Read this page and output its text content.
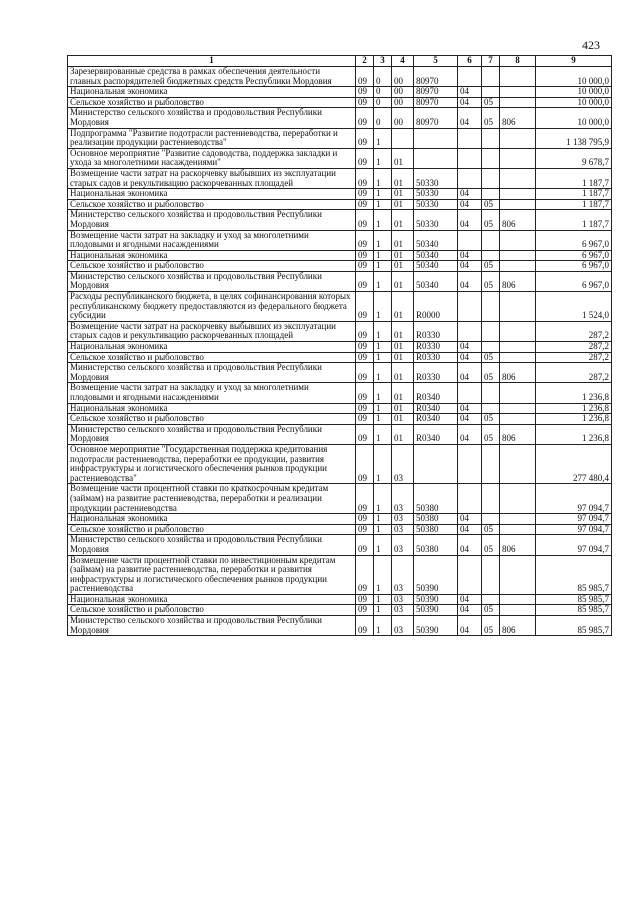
423
1	2	3	4	5	6	7	8	9
Зарезервированные средства в рамках обеспечения деятельности главных распорядителей бюджетных средств Республики Мордовия	09	0	00	80970				10 000,0
Национальная экономика	09	0	00	80970	04			10 000,0
Сельское хозяйство и рыболовство	09	0	00	80970	04	05		10 000,0
Министерство сельского хозяйства и продовольствия Республики Мордовия	09	0	00	80970	04	05	806	10 000,0
Подпрограмма "Развитие подотрасли растениеводства, переработки и реализации продукции растениеводства"	09	1						1 138 795,9
Основное мероприятие "Развитие садоводства, поддержка закладки и ухода за многолетними насаждениями"	09	1	01					9 678,7
Возмещение части затрат на раскорчевку выбывших из эксплуатации старых садов и рекультивацию раскорчеванных площадей	09	1	01	50330				1 187,7
Национальная экономика	09	1	01	50330	04			1 187,7
Сельское хозяйство и рыболовство	09	1	01	50330	04	05		1 187,7
Министерство сельского хозяйства и продовольствия Республики Мордовия	09	1	01	50330	04	05	806	1 187,7
Возмещение части затрат на закладку и уход за многолетними плодовыми и ягодными насаждениями	09	1	01	50340				6 967,0
Национальная экономика	09	1	01	50340	04			6 967,0
Сельское хозяйство и рыболовство	09	1	01	50340	04	05		6 967,0
Министерство сельского хозяйства и продовольствия Республики Мордовия	09	1	01	50340	04	05	806	6 967,0
Расходы республиканского бюджета, в целях софинансирования которых республиканскому бюджету предоставляются из федерального бюджета субсидии	09	1	01	R0000				1 524,0
Возмещение части затрат на раскорчевку выбывших из эксплуатации старых садов и рекультивацию раскорчеванных площадей	09	1	01	R0330				287,2
Национальная экономика	09	1	01	R0330	04			287,2
Сельское хозяйство и рыболовство	09	1	01	R0330	04	05		287,2
Министерство сельского хозяйства и продовольствия Республики Мордовия	09	1	01	R0330	04	05	806	287,2
Возмещение части затрат на закладку и уход за многолетними плодовыми и ягодными насаждениями	09	1	01	R0340				1 236,8
Национальная экономика	09	1	01	R0340	04			1 236,8
Сельское хозяйство и рыболовство	09	1	01	R0340	04	05		1 236,8
Министерство сельского хозяйства и продовольствия Республики Мордовия	09	1	01	R0340	04	05	806	1 236,8
Основное мероприятие "Государственная поддержка кредитования подотрасли растениеводства, переработки ее продукции, развития инфраструктуры и логистического обеспечения рынков продукции растениеводства"	09	1	03					277 480,4
Возмещение части процентной ставки по краткосрочным кредитам (займам) на развитие растениеводства, переработки и реализации продукции растениеводства	09	1	03	50380				97 094,7
Национальная экономика	09	1	03	50380	04			97 094,7
Сельское хозяйство и рыболовство	09	1	03	50380	04	05		97 094,7
Министерство сельского хозяйства и продовольствия Республики Мордовия	09	1	03	50380	04	05	806	97 094,7
Возмещение части процентной ставки по инвестиционным кредитам (займам) на развитие растениеводства, переработки и развития инфраструктуры и логистического обеспечения рынков продукции растениеводства	09	1	03	50390				85 985,7
Национальная экономика	09	1	03	50390	04			85 985,7
Сельское хозяйство и рыболовство	09	1	03	50390	04	05		85 985,7
Министерство сельского хозяйства и продовольствия Республики Мордовия	09	1	03	50390	04	05	806	85 985,7
